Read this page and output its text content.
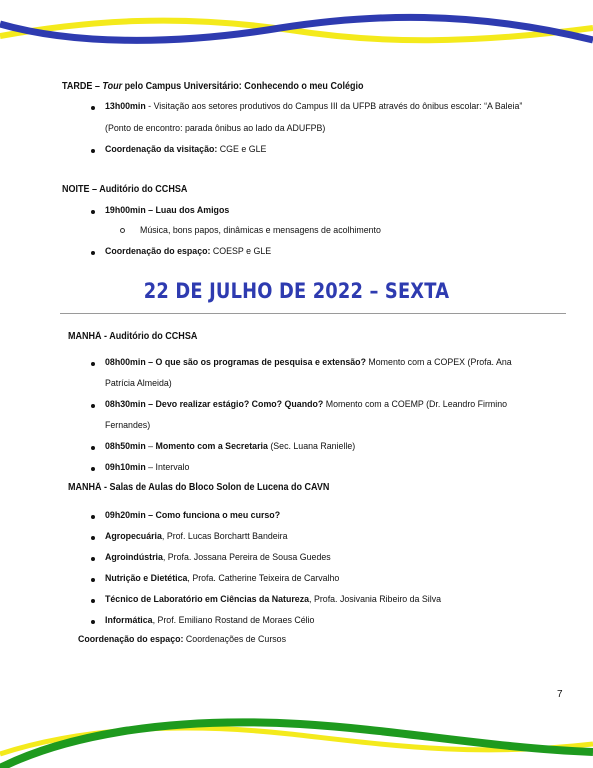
TARDE – Tour pelo Campus Universitário: Conhecendo o meu Colégio
13h00min - Visitação aos setores produtivos do Campus III da UFPB através do ônibus escolar: “A Baleia”
(Ponto de encontro: parada ônibus ao lado da ADUFPB)
Coordenação da visitação: CGE e GLE
NOITE – Auditório do CCHSA
19h00min – Luau dos Amigos
Música, bons papos, dinâmicas e mensagens de acolhimento
Coordenação do espaço: COESP e GLE
22 DE JULHO DE 2022 – SEXTA
MANHÃ - Auditório do CCHSA
08h00min – O que são os programas de pesquisa e extensão? Momento com a COPEX (Profa. Ana
Patrícia Almeida)
08h30min – Devo realizar estágio? Como? Quando? Momento com a COEMP (Dr. Leandro Firmino
Fernandes)
08h50min – Momento com a Secretaria (Sec. Luana Ranielle)
09h10min – Intervalo
MANHÃ - Salas de Aulas do Bloco Solon de Lucena do CAVN
09h20min – Como funciona o meu curso?
Agropecuária, Prof. Lucas Borchartt Bandeira
Agroindústria, Profa. Jossana Pereira de Sousa Guedes
Nutrição e Dietética, Profa. Catherine Teixeira de Carvalho
Técnico de Laboratório em Ciências da Natureza, Profa. Josivania Ribeiro da Silva
Informática, Prof. Emiliano Rostand de Moraes Célio
Coordenação do espaço: Coordenações de Cursos
7
